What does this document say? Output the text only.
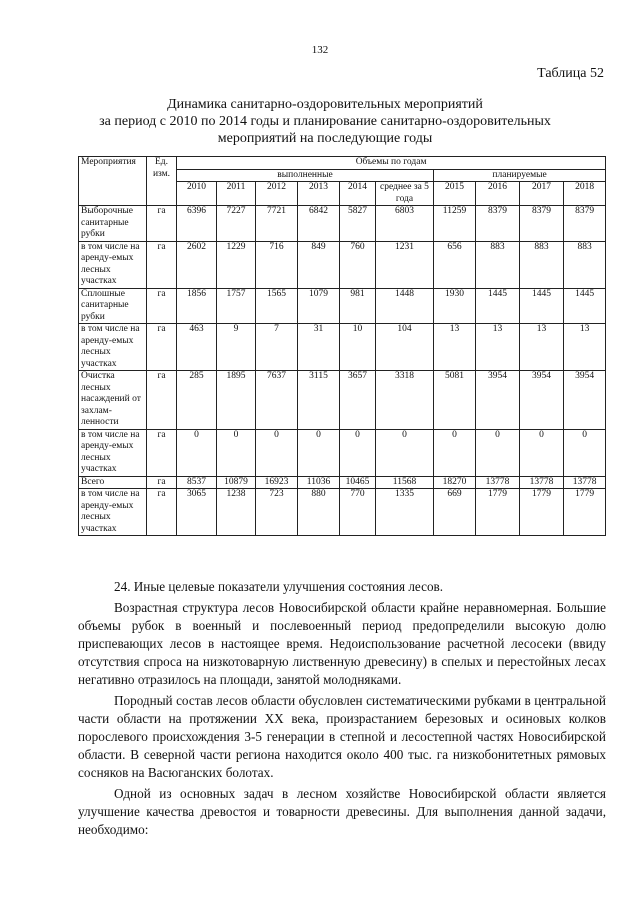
132
Таблица 52
Динамика санитарно-оздоровительных мероприятий
за период с 2010 по 2014 годы и планирование санитарно-оздоровительных
мероприятий на последующие годы
Мероприятия	Ед. изм.	Объемы по годам									
		выполненные						планируемые			
		2010	2011	2012	2013	2014	среднее за 5 года	2015	2016	2017	2018
Выборочные санитарные рубки	га	6396	7227	7721	6842	5827	6803	11259	8379	8379	8379
в том числе на аренду-емых лесных участках	га	2602	1229	716	849	760	1231	656	883	883	883
Сплошные санитарные рубки	га	1856	1757	1565	1079	981	1448	1930	1445	1445	1445
в том числе на аренду-емых лесных участках	га	463	9	7	31	10	104	13	13	13	13
Очистка лесных насаждений от захлам-ленности	га	285	1895	7637	3115	3657	3318	5081	3954	3954	3954
в том числе на аренду-емых лесных участках	га	0	0	0	0	0	0	0	0	0	0
Всего	га	8537	10879	16923	11036	10465	11568	18270	13778	13778	13778
в том числе на аренду-емых лесных участках	га	3065	1238	723	880	770	1335	669	1779	1779	1779

24. Иные целевые показатели улучшения состояния лесов.

Возрастная структура лесов Новосибирской области крайне неравномерная. Большие объемы рубок в военный и послевоенный период предопределили высокую долю приспевающих лесов в настоящее время. Недоиспользование расчетной лесосеки (ввиду отсутствия спроса на низкотоварную лиственную древесину) в спелых и перестойных лесах негативно отразилось на площади, занятой молодняками.

Породный состав лесов области обусловлен систематическими рубками в центральной части области на протяжении XX века, произрастанием березовых и осиновых колков порослевого происхождения 3-5 генерации в степной и лесостепной частях Новосибирской области. В северной части региона находится около 400 тыс. га низкобонитетных рямовых сосняков на Васюганских болотах.

Одной из основных задач в лесном хозяйстве Новосибирской области является улучшение качества древостоя и товарности древесины. Для выполнения данной задачи, необходимо:
